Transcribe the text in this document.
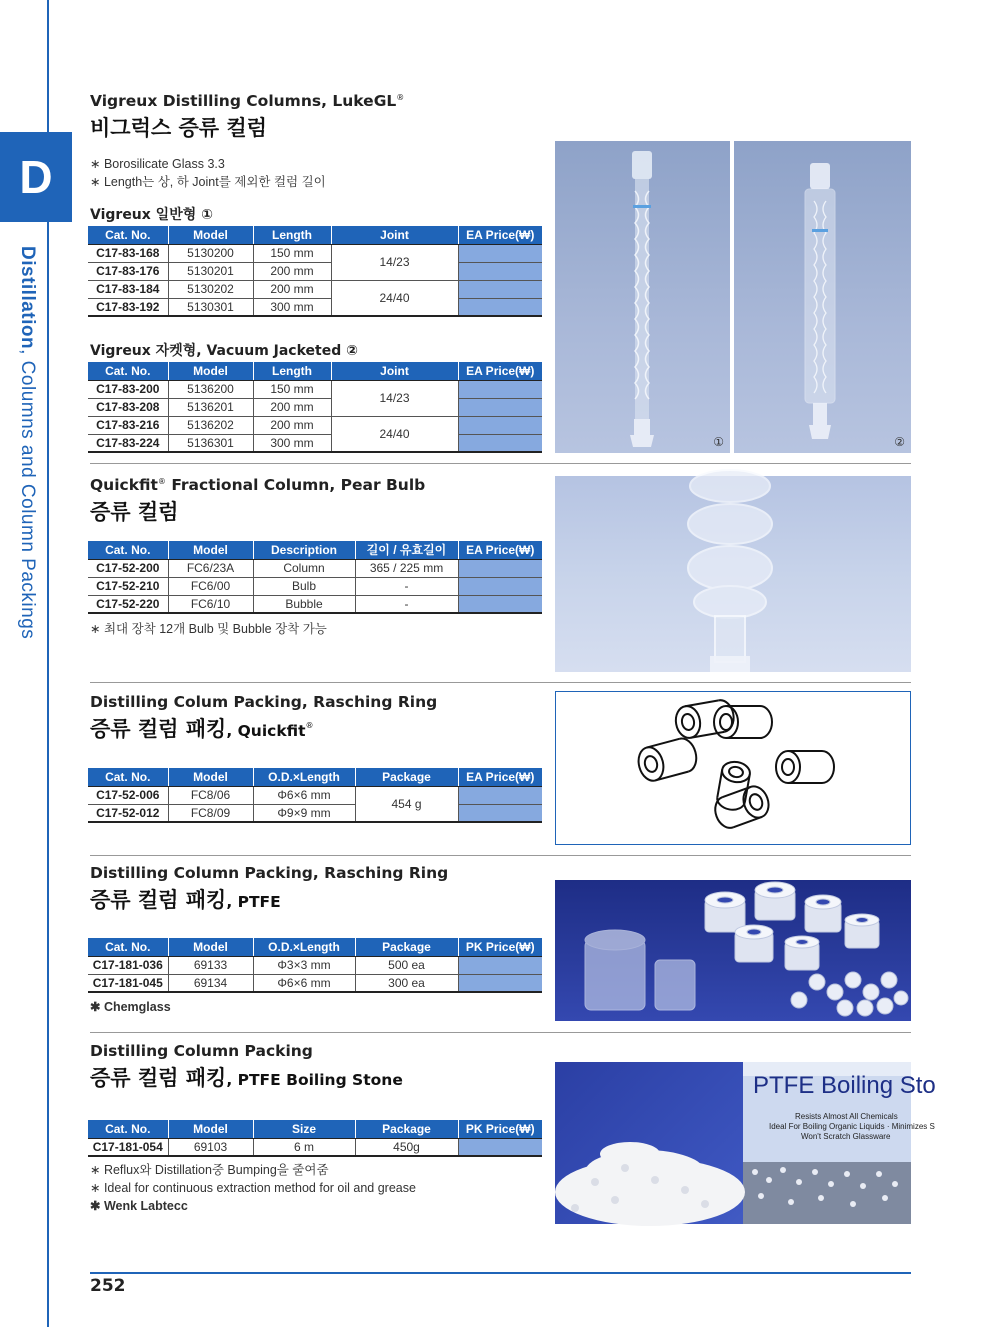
D
Distillation, Columns and Column Packings
Vigreux Distilling Columns, LukeGL®
비그럭스 증류 컬럼
∗ Borosilicate Glass 3.3
∗ Length는 상, 하 Joint를 제외한 컬럼 길이
Vigreux 일반형 ①
Cat. No.	Model	Length	Joint	EA Price(₩)
C17-83-168	5130200	150 mm	14/23	
C17-83-176	5130201	200 mm		
C17-83-184	5130202	200 mm	24/40	
C17-83-192	5130301	300 mm		
Vigreux 자켓형, Vacuum Jacketed ②
Cat. No.	Model	Length	Joint	EA Price(₩)
C17-83-200	5136200	150 mm	14/23	
C17-83-208	5136201	200 mm		
C17-83-216	5136202	200 mm	24/40	
C17-83-224	5136301	300 mm			①	②
Quickfit® Fractional Column, Pear Bulb
증류 컬럼
Cat. No.	Model	Description	길이 / 유효길이	EA Price(₩)
C17-52-200	FC6/23A	Column	365 / 225 mm	
C17-52-210	FC6/00	Bulb	-	
C17-52-220	FC6/10	Bubble	-	
∗ 최대 장착 12개 Bulb 및 Bubble 장착 가능
Distilling Colum Packing, Rasching Ring
증류 컬럼 패킹, Quickfit®
Cat. No.	Model	O.D.×Length	Package	EA Price(₩)
C17-52-006	FC8/06	Φ6×6 mm	454 g	
C17-52-012	FC8/09	Φ9×9 mm		
Distilling Column Packing, Rasching Ring
증류 컬럼 패킹, PTFE
Cat. No.	Model	O.D.×Length	Package	PK Price(₩)
C17-181-036	69133	Φ3×3 mm	500 ea	
C17-181-045	69134	Φ6×6 mm	300 ea	
✱ Chemglass
Distilling Column Packing
증류 컬럼 패킹, PTFE Boiling Stone
Cat. No.	Model	Size	Package	PK Price(₩)
C17-181-054	69103	6 m	450g	
∗ Reflux와 Distillation중 Bumping을 줄여줌
∗ Ideal for continuous extraction method for oil and grease
✱ Wenk Labtecc
PTFE Boiling Sto
Resists Almost All Chemicals
Ideal For Boiling Organic Liquids · Minimizes S
Won't Scratch Glassware
252
